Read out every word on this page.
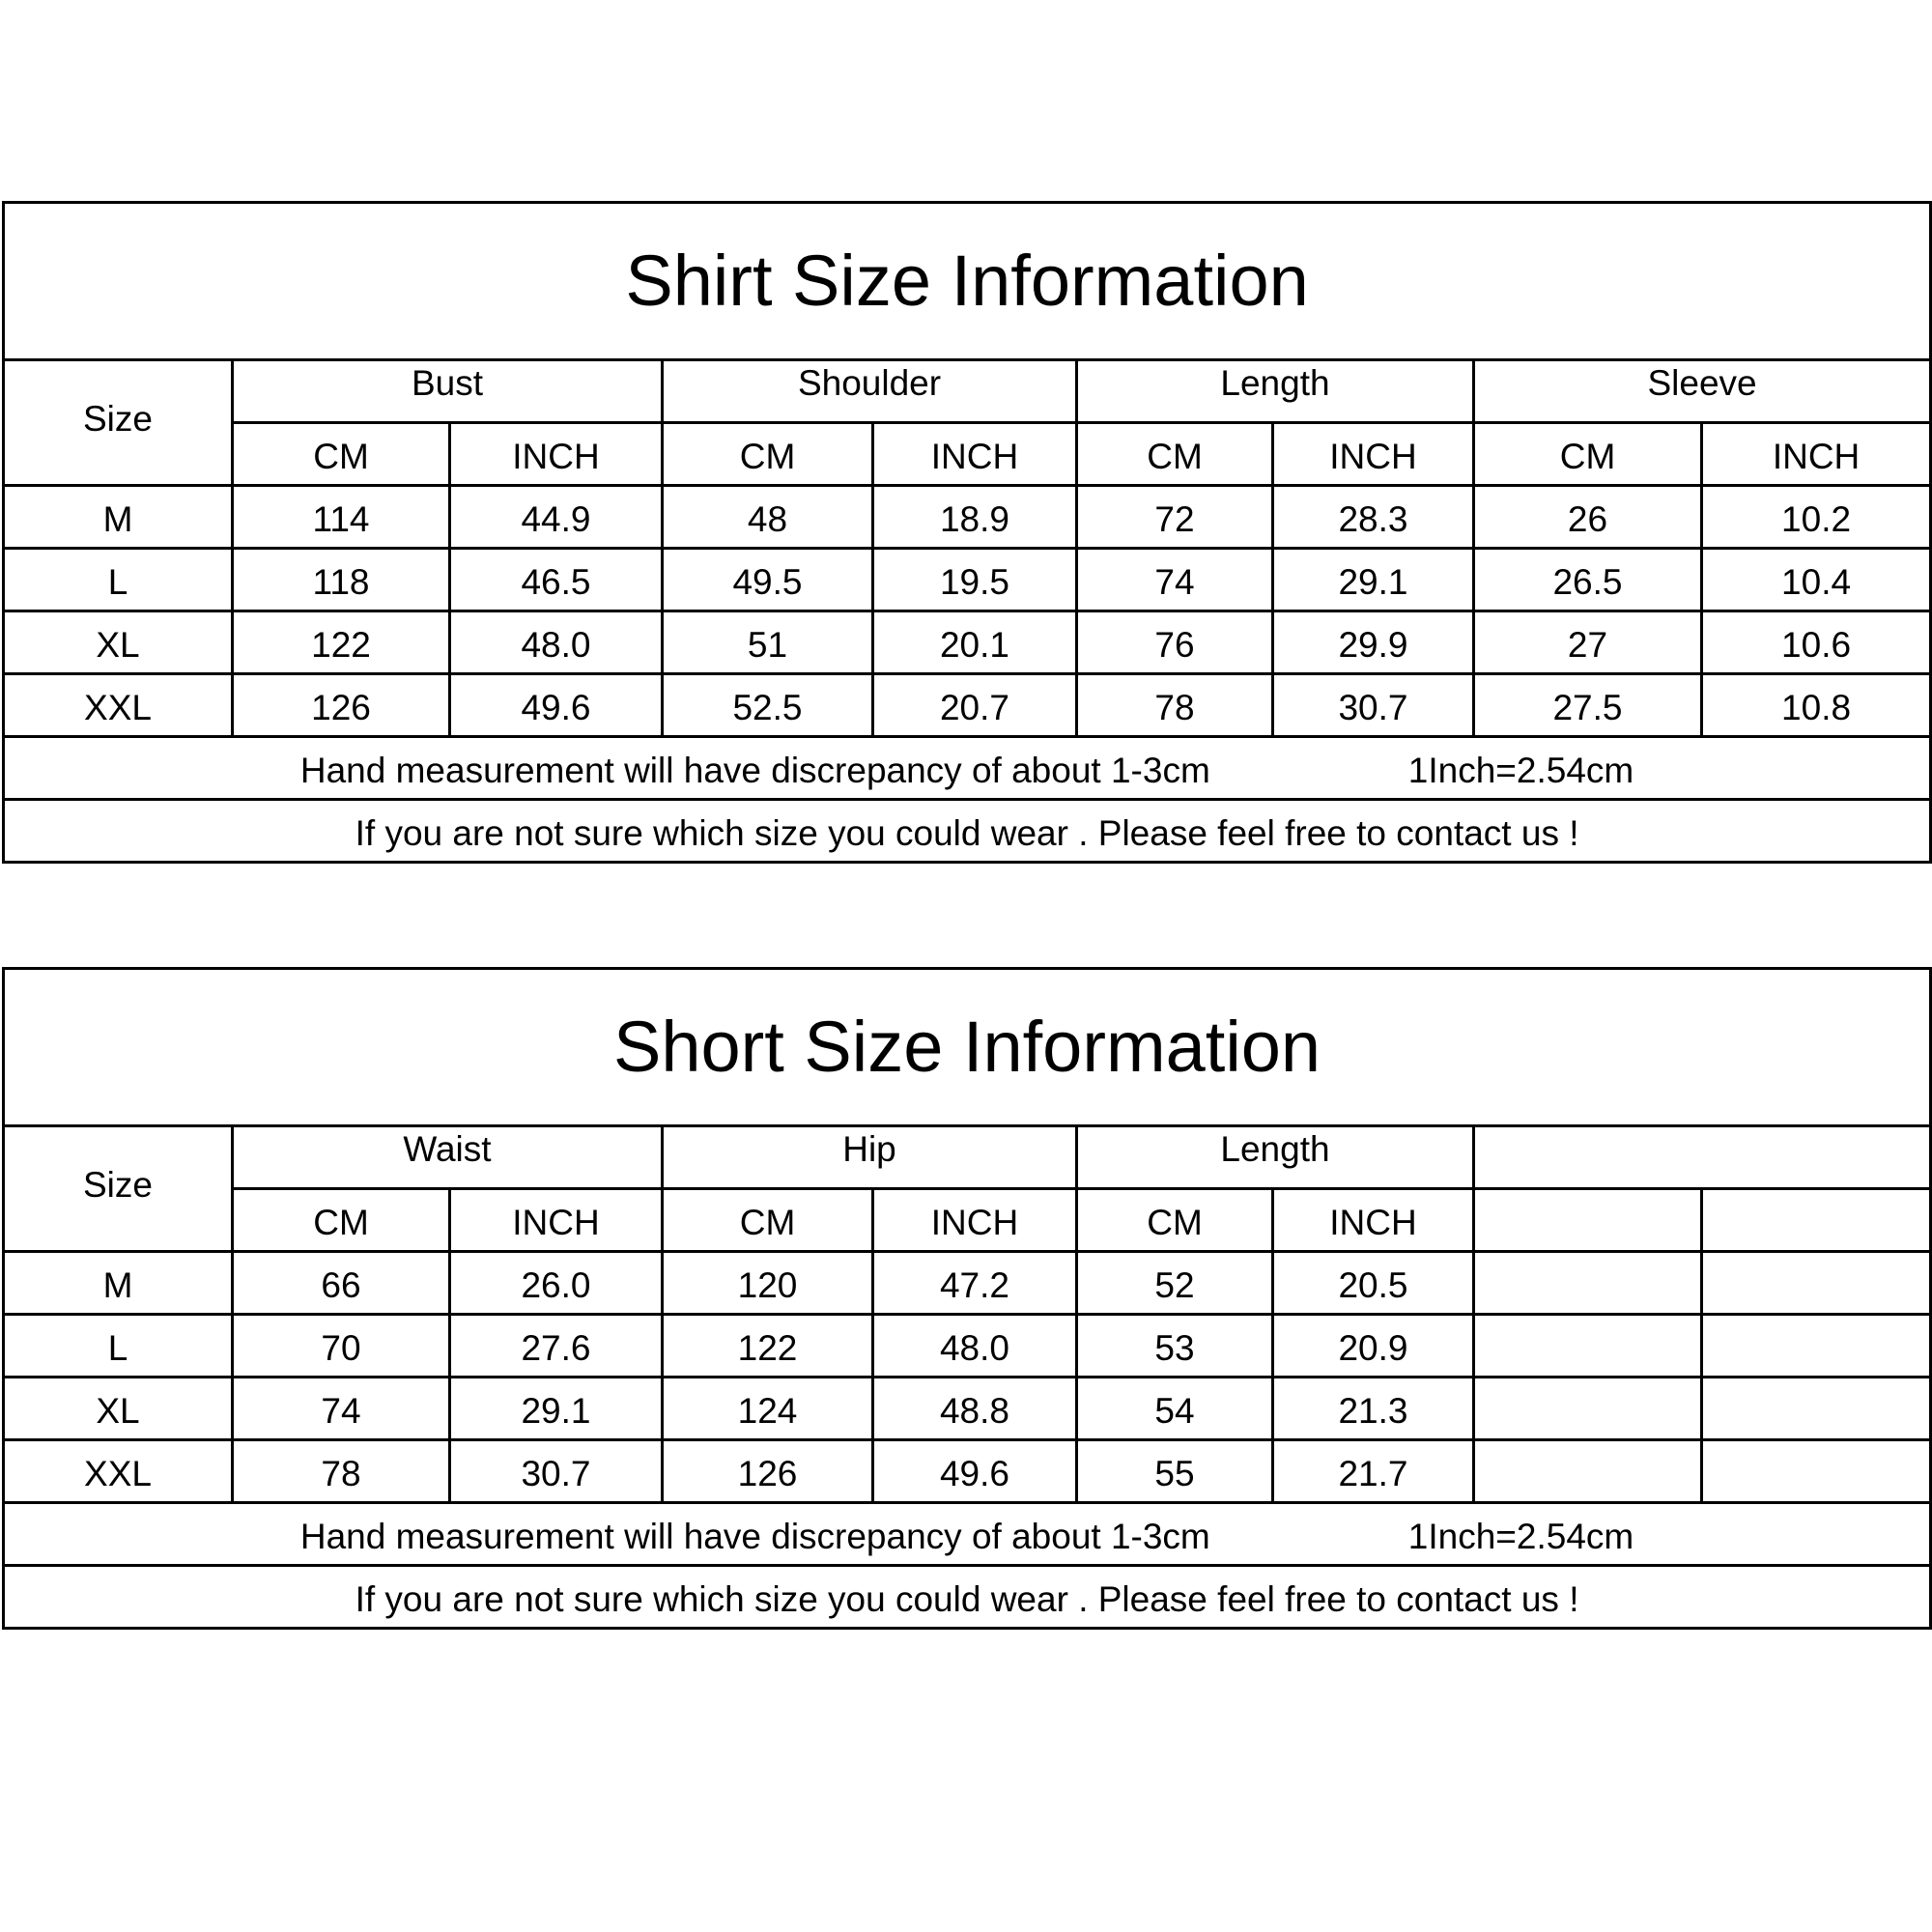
Shirt Size Information								
Size	Bust		Shoulder		Length		Sleeve	
	CM	INCH	CM	INCH	CM	INCH	CM	INCH
M	114	44.9	48	18.9	72	28.3	26	10.2
L	118	46.5	49.5	19.5	74	29.1	26.5	10.4
XL	122	48.0	51	20.1	76	29.9	27	10.6
XXL	126	49.6	52.5	20.7	78	30.7	27.5	10.8
Hand measurement will have discrepancy of about 1-3cm 1Inch=2.54cm								
If you are not sure which size you could wear . Please feel free to contact us !								
Short Size Information								
Size	Waist		Hip		Length			
	CM	INCH	CM	INCH	CM	INCH		
M	66	26.0	120	47.2	52	20.5		
L	70	27.6	122	48.0	53	20.9		
XL	74	29.1	124	48.8	54	21.3		
XXL	78	30.7	126	49.6	55	21.7		
Hand measurement will have discrepancy of about 1-3cm 1Inch=2.54cm								
If you are not sure which size you could wear . Please feel free to contact us !								
